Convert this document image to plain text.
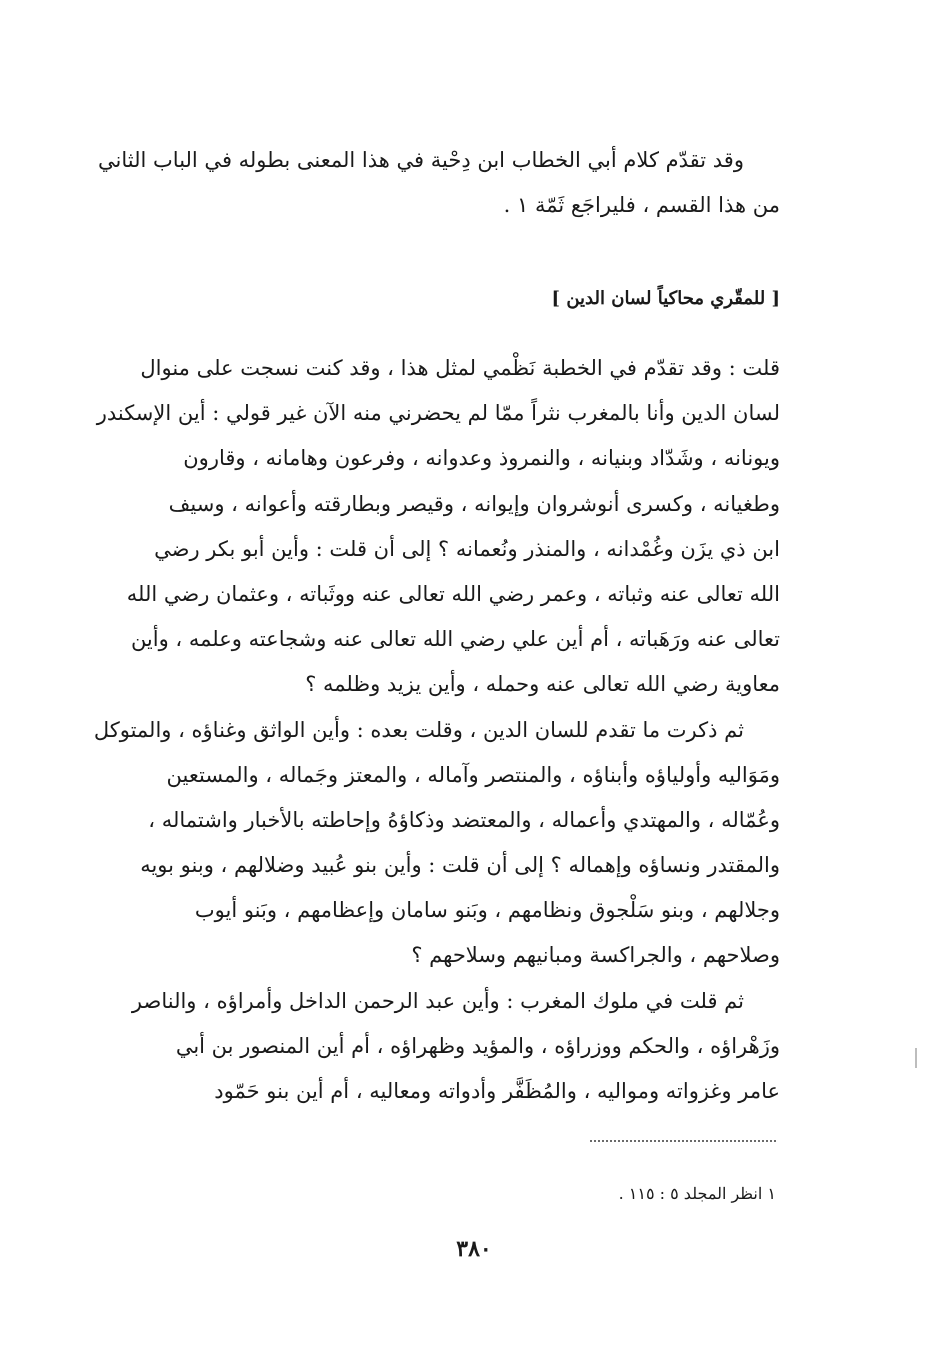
وقد تقدّم كلام أبي الخطاب ابن دِحْية في هذا المعنى بطوله في الباب الثاني
من هذا القسم ، فليراجَع ثَمّة ١ .
[ للمقّري محاكياً لسان الدين ]
قلت : وقد تقدّم في الخطبة نَظْمي لمثل هذا ، وقد كنت نسجت على منوال
لسان الدين وأنا بالمغرب نثراً ممّا لم يحضرني منه الآن غير قولي : أين الإسكندر
ويونانه ، وشَدّاد وبنيانه ، والنمروذ وعدوانه ، وفرعون وهامانه ، وقارون
وطغيانه ، وكسرى أنوشروان وإيوانه ، وقيصر وبطارقته وأعوانه ، وسيف
ابن ذي يزَن وغُمْدانه ، والمنذر ونُعمانه ؟ إلى أن قلت : وأين أبو بكر رضي
الله تعالى عنه وثباته ، وعمر رضي الله تعالى عنه ووثَباته ، وعثمان رضي الله
تعالى عنه ورَهَباته ، أم أين علي رضي الله تعالى عنه وشجاعته وعلمه ، وأين
معاوية رضي الله تعالى عنه وحمله ، وأين يزيد وظلمه ؟
ثم ذكرت ما تقدم للسان الدين ، وقلت بعده : وأين الواثق وغناؤه ، والمتوكل
ومَوَاليه وأولياؤه وأبناؤه ، والمنتصر وآماله ، والمعتز وجَماله ، والمستعين
وعُمّاله ، والمهتدي وأعماله ، والمعتضد وذكاؤهُ وإحاطته بالأخبار واشتماله ،
والمقتدر ونساؤه وإهماله ؟ إلى أن قلت : وأين بنو عُبيد وضلالهم ، وبنو بويه
وجلالهم ، وبنو سَلْجوق ونظامهم ، وبَنو سامان وإعظامهم ، وبَنو أيوب
وصلاحهم ، والجراكسة ومبانيهم وسلاحهم ؟
ثم قلت في ملوك المغرب : وأين عبد الرحمن الداخل وأمراؤه ، والناصر
وزَهْراؤه ، والحكم ووزراؤه ، والمؤيد وظهراؤه ، أم أين المنصور بن أبي
عامر وغزواته ومواليه ، والمُظَفَّر وأدواته ومعاليه ، أم أين بنو حَمّود
١ انظر المجلد ٥ : ١١٥ .
٣٨٠
